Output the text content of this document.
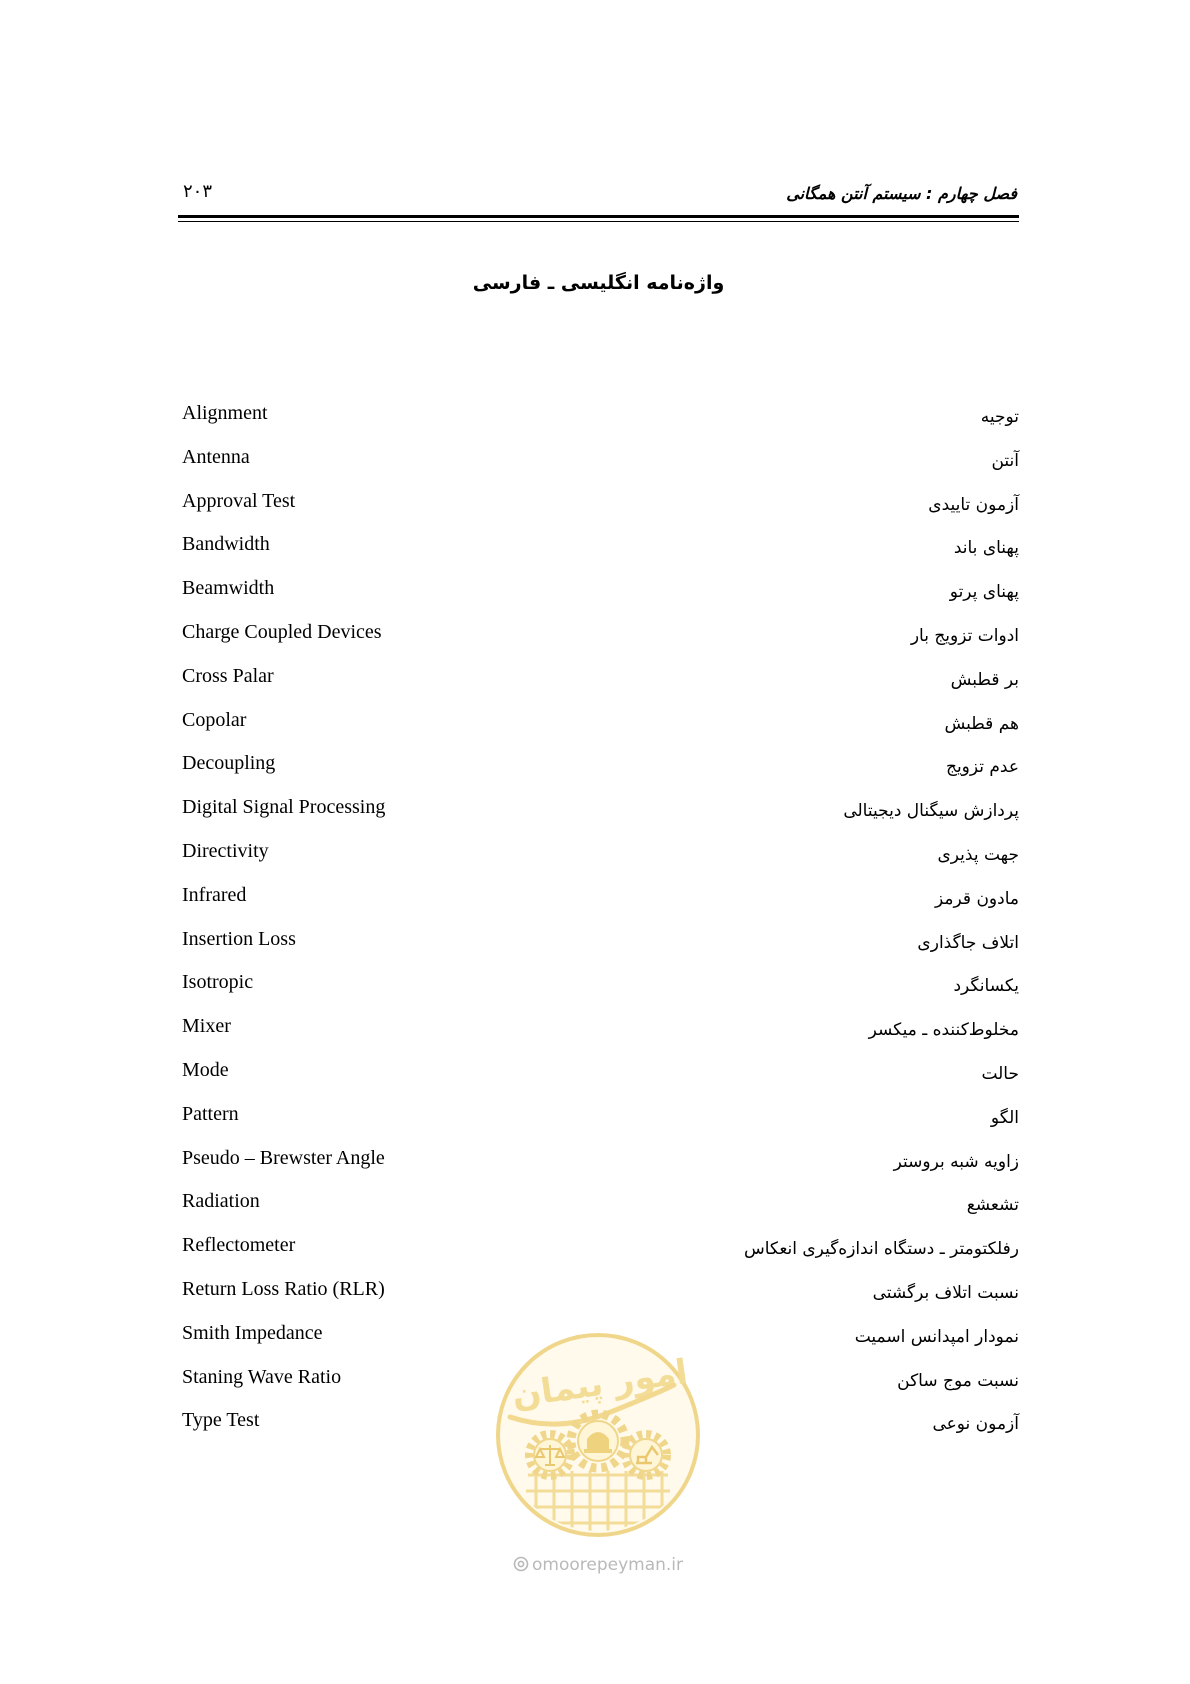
فصل چهارم : سیستم آنتن همگانی
۲۰۳
واژه‌نامه انگلیسی ـ فارسی
امور پیمان
omoorepeyman.ir
Alignment	توجیه
Antenna	آنتن
Approval Test	آزمون تاییدی
Bandwidth	پهنای باند
Beamwidth	پهنای پرتو
Charge Coupled Devices	ادوات تزویج بار
Cross Palar	بر قطبش
Copolar	هم قطبش
Decoupling	عدم تزویج
Digital Signal Processing	پردازش سیگنال دیجیتالی
Directivity	جهت پذیری
Infrared	مادون قرمز
Insertion Loss	اتلاف جاگذاری
Isotropic	یکسانگرد
Mixer	مخلوط‌کننده ـ میکسر
Mode	حالت
Pattern	الگو
Pseudo – Brewster Angle	زاویه شبه بروستر
Radiation	تشعشع
Reflectometer	رفلکتومتر ـ دستگاه اندازه‌گیری انعکاس
Return Loss Ratio (RLR)	نسبت اتلاف برگشتی
Smith Impedance	نمودار امپدانس اسمیت
Staning Wave Ratio	نسبت موج ساکن
Type Test	آزمون نوعی
